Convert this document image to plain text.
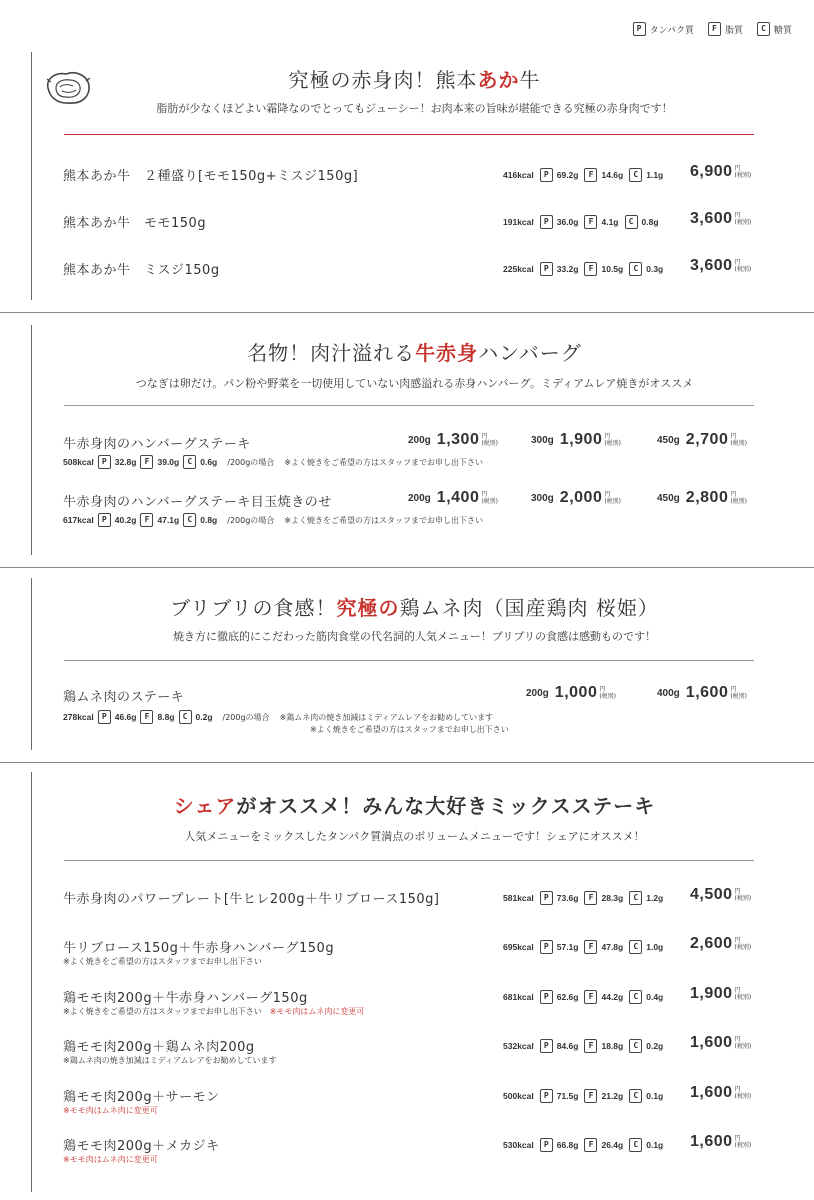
P タンパク質	F 脂質	C 糖質
究極の赤身肉！熊本あか牛
脂肪が少なくほどよい霜降なのでとってもジューシー！お肉本来の旨味が堪能できる究極の赤身肉です！
熊本あか牛　２種盛り[モモ150g+ミスジ150g]	416kcal	P 69.2g	F 14.6g	C 1.1g 6,900 円
(税別)
熊本あか牛　モモ150g	191kcal	P 36.0g	F 4.1g	C 0.8g 3,600 円
(税別)
熊本あか牛　ミスジ150g	225kcal	P 33.2g	F 10.5g	C 0.3g 3,600 円
(税別)
名物！肉汁溢れる牛赤身ハンバーグ
つなぎは卵だけ。パン粉や野菜を一切使用していない肉感溢れる赤身ハンバーグ。ミディアムレア焼きがオススメ
牛赤身肉のハンバーグステーキ	200g 1,300 円
(税別)	300g 1,900 円
(税別)	450g 2,700 円
(税別)
508kcal	P 32.8g	F 39.0g	C 0.6g /200gの場合 ※よく焼きをご希望の方はスタッフまでお申し出下さい
牛赤身肉のハンバーグステーキ目玉焼きのせ	200g 1,400 円
(税別)	300g 2,000 円
(税別)	450g 2,800 円
(税別)
617kcal	P 40.2g	F 47.1g	C 0.8g /200gの場合 ※よく焼きをご希望の方はスタッフまでお申し出下さい
ブリブリの食感！究極の鶏ムネ肉（国産鶏肉 桜姫）
焼き方に徹底的にこだわった筋肉食堂の代名詞的人気メニュー！ブリブリの食感は感動ものです！
鶏ムネ肉のステーキ	200g 1,000 円
(税別)	400g 1,600 円
(税別)
278kcal	P 46.6g	F 8.8g	C 0.2g /200gの場合 ※鶏ムネ肉の焼き加減はミディアムレアをお勧めしています
※よく焼きをご希望の方はスタッフまでお申し出下さい
シェアがオススメ！みんな大好きミックスステーキ
人気メニューをミックスしたタンパク質満点のボリュームメニューです！シェアにオススメ！
牛赤身肉のパワープレート[牛ヒレ200g＋牛リブロース150g]	581kcal	P 73.6g	F 28.3g	C 1.2g 4,500 円
(税別)
牛リブロース150g＋牛赤身ハンバーグ150g
※よく焼きをご希望の方はスタッフまでお申し出下さい
695kcal	P 57.1g	F 47.8g	C 1.0g 2,600 円
(税別)
鶏モモ肉200g＋牛赤身ハンバーグ150g
※よく焼きをご希望の方はスタッフまでお申し出下さい　 ※モモ肉はムネ肉に変更可
681kcal	P 62.6g	F 44.2g	C 0.4g 1,900 円
(税別)
鶏モモ肉200g＋鶏ムネ肉200g
※鶏ムネ肉の焼き加減はミディアムレアをお勧めしています
532kcal	P 84.6g	F 18.8g	C 0.2g 1,600 円
(税別)
鶏モモ肉200g＋サーモン
※モモ肉はムネ肉に変更可
500kcal	P 71.5g	F 21.2g	C 0.1g 1,600 円
(税別)
鶏モモ肉200g＋メカジキ
※モモ肉はムネ肉に変更可
530kcal	P 66.8g	F 26.4g	C 0.1g 1,600 円
(税別)
